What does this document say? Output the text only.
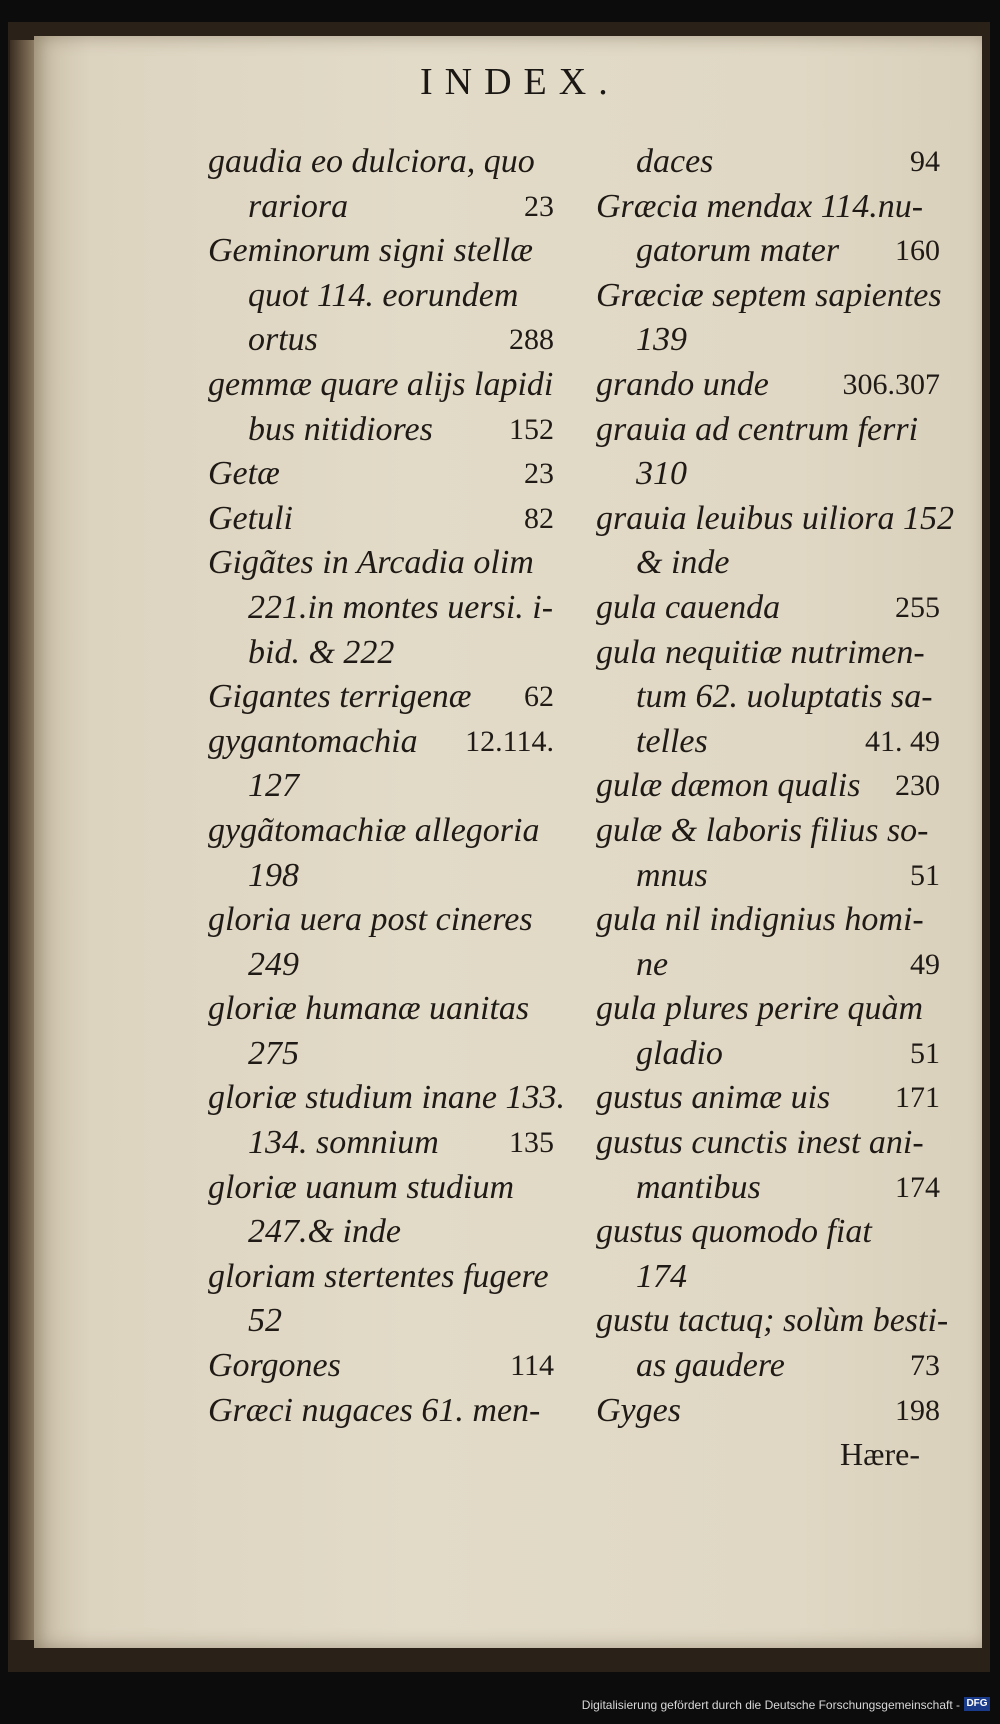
INDEX.
gaudia eo dulciora, quo
rariora	23
Geminorum signi stellæ
quot 114. eorundem
ortus	288
gemmæ quare alijs lapidi
bus nitidiores	152
Getæ	23
Getuli	82
Gigãtes in Arcadia olim
221.in montes uersi. i-
bid. & 222
Gigantes terrigenæ 62
gygantomachia 12.114.
127
gygãtomachiæ allegoria
198
gloria uera post cineres
249
gloriæ humanæ uanitas
275
gloriæ studium inane 133.
134. somnium 135
gloriæ uanum studium
247.& inde
gloriam stertentes fugere
52
Gorgones	114
Græci nugaces 61. men-
daces	94
Græcia mendax 114.nu-
gatorum mater 160
Græciæ septem sapientes
139
grando unde 306.307
grauia ad centrum ferri
310
grauia leuibus uiliora 152
& inde
gula cauenda	255
gula nequitiæ nutrimen-
tum 62. uoluptatis sa-
telles	41. 49
gulæ dæmon qualis 230
gulæ & laboris filius so-
mnus	51
gula nil indignius homi-
ne	49
gula plures perire quàm
gladio	51
gustus animæ uis 171
gustus cunctis inest ani-
mantibus	174
gustus quomodo fiat
174
gustu tactuq; solùm besti-
as gaudere	73
Gyges	198
Hære-
Digitalisierung gefördert durch die Deutsche Forschungsgemeinschaft - DFG
